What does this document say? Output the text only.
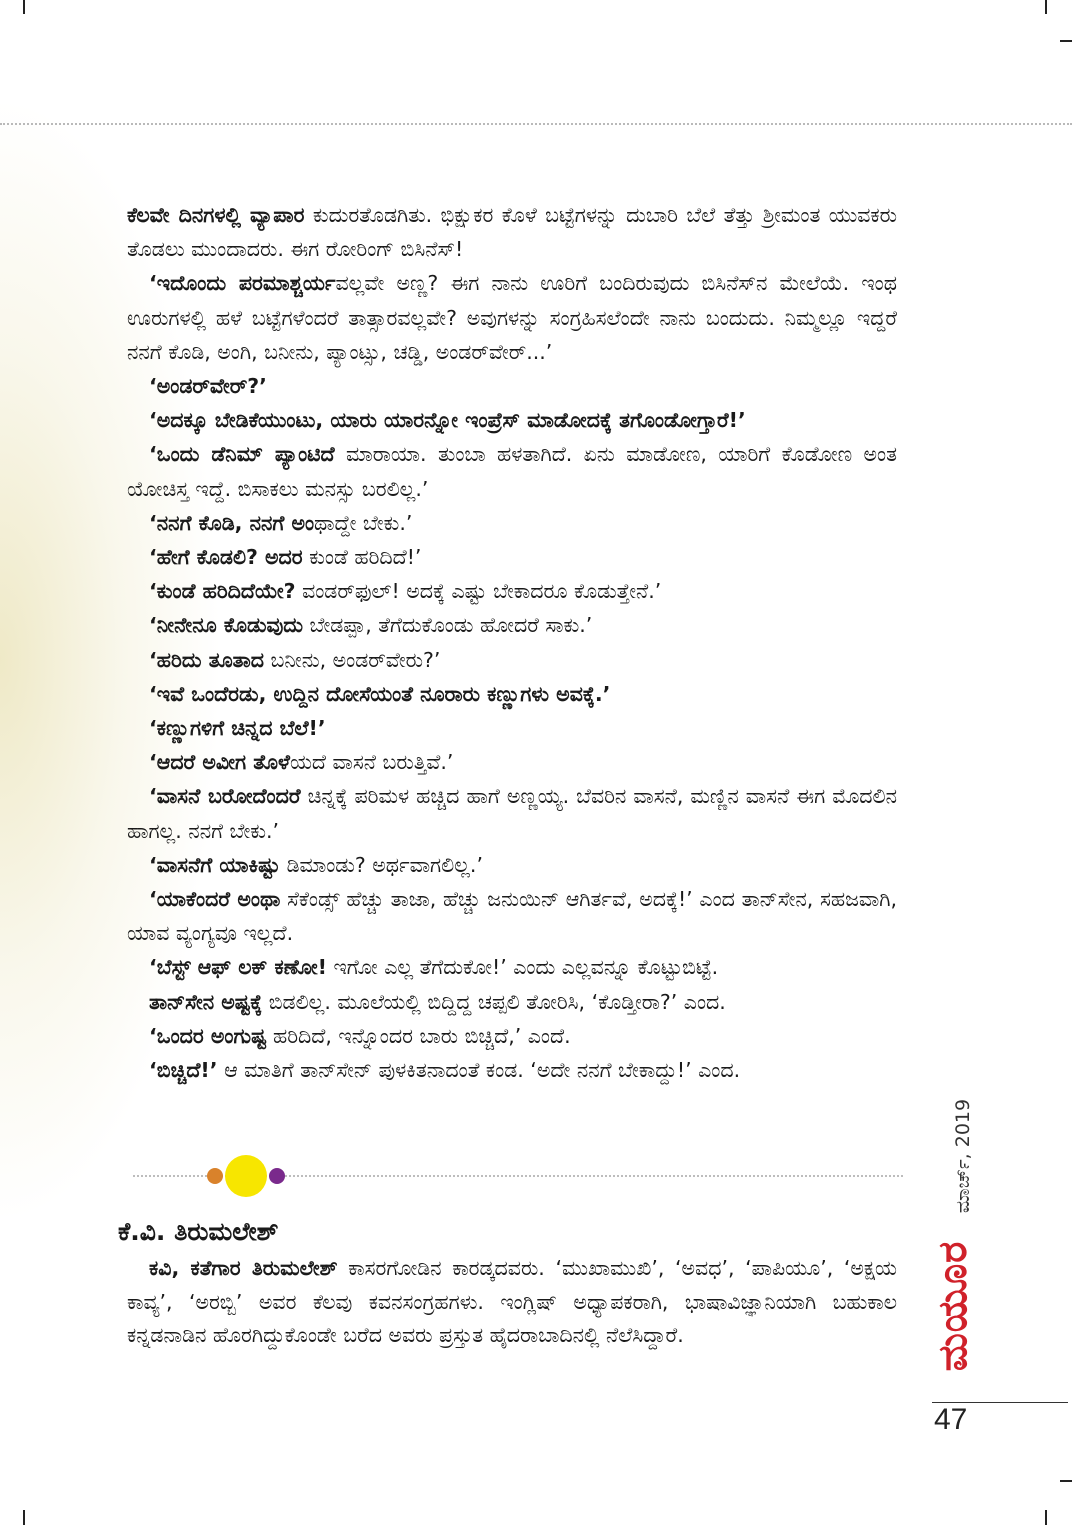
ಕೆಲವೇ ದಿನಗಳಲ್ಲಿ ವ್ಯಾಪಾರ ಕುದುರತೊಡಗಿತು. ಭಿಕ್ಷುಕರ ಕೊಳೆ ಬಟ್ಟೆಗಳನ್ನು ದುಬಾರಿ ಬೆಲೆ ತೆತ್ತು ಶ್ರೀಮಂತ ಯುವಕರು ತೊಡಲು ಮುಂದಾದರು. ಈಗ ರೋರಿಂಗ್ ಬಿಸಿನೆಸ್!

‘ಇದೊಂದು ಪರಮಾಶ್ಚರ್ಯವಲ್ಲವೇ ಅಣ್ಣ? ಈಗ ನಾನು ಊರಿಗೆ ಬಂದಿರುವುದು ಬಿಸಿನೆಸ್‌ನ ಮೇಲೆಯೆ. ಇಂಥ ಊರುಗಳಲ್ಲಿ ಹಳೆ ಬಟ್ಟೆಗಳೆಂದರೆ ತಾತ್ಸಾರವಲ್ಲವೇ? ಅವುಗಳನ್ನು ಸಂಗ್ರಹಿಸಲೆಂದೇ ನಾನು ಬಂದುದು. ನಿಮ್ಮಲ್ಲೂ ಇದ್ದರೆ ನನಗೆ ಕೊಡಿ, ಅಂಗಿ, ಬನೀನು, ಪ್ಯಾಂಟ್ಸು, ಚಡ್ಡಿ, ಅಂಡರ್‌ವೇರ್...’

‘ಅಂಡರ್‌ವೇರ್?’

‘ಅದಕ್ಕೂ ಬೇಡಿಕೆಯುಂಟು, ಯಾರು ಯಾರನ್ನೋ ಇಂಪ್ರೆಸ್ ಮಾಡೋದಕ್ಕೆ ತಗೊಂಡೋಗ್ತಾರೆ!’

‘ಒಂದು ಡೆನಿಮ್ ಪ್ಯಾಂಟಿದೆ ಮಾರಾಯಾ. ತುಂಬಾ ಹಳತಾಗಿದೆ. ಏನು ಮಾಡೋಣ, ಯಾರಿಗೆ ಕೊಡೋಣ ಅಂತ ಯೋಚಿಸ್ತ ಇದ್ದೆ. ಬಿಸಾಕಲು ಮನಸ್ಸು ಬರಲಿಲ್ಲ.’

‘ನನಗೆ ಕೊಡಿ, ನನಗೆ ಅಂಥಾದ್ದೇ ಬೇಕು.’

‘ಹೇಗೆ ಕೊಡಲಿ? ಅದರ ಕುಂಡೆ ಹರಿದಿದೆ!’

‘ಕುಂಡೆ ಹರಿದಿದೆಯೇ? ವಂಡರ್‌ಫುಲ್! ಅದಕ್ಕೆ ಎಷ್ಟು ಬೇಕಾದರೂ ಕೊಡುತ್ತೇನೆ.’

‘ನೀನೇನೂ ಕೊಡುವುದು ಬೇಡಪ್ಪಾ, ತೆಗೆದುಕೊಂಡು ಹೋದರೆ ಸಾಕು.’

‘ಹರಿದು ತೂತಾದ ಬನೀನು, ಅಂಡರ್‌ವೇರು?’

‘ಇವೆ ಒಂದೆರಡು, ಉದ್ದಿನ ದೋಸೆಯಂತೆ ನೂರಾರು ಕಣ್ಣುಗಳು ಅವಕ್ಕೆ.’

‘ಕಣ್ಣುಗಳಿಗೆ ಚಿನ್ನದ ಬೆಲೆ!’

‘ಆದರೆ ಅವೀಗ ತೊಳೆಯದೆ ವಾಸನೆ ಬರುತ್ತಿವೆ.’

‘ವಾಸನೆ ಬರೋದೆಂದರೆ ಚಿನ್ನಕ್ಕೆ ಪರಿಮಳ ಹಚ್ಚಿದ ಹಾಗೆ ಅಣ್ಣಯ್ಯ. ಬೆವರಿನ ವಾಸನೆ, ಮಣ್ಣಿನ ವಾಸನೆ ಈಗ ಮೊದಲಿನ ಹಾಗಲ್ಲ. ನನಗೆ ಬೇಕು.’

‘ವಾಸನೆಗೆ ಯಾಕಿಷ್ಟು ಡಿಮಾಂಡು? ಅರ್ಥವಾಗಲಿಲ್ಲ.’

‘ಯಾಕೆಂದರೆ ಅಂಥಾ ಸೆಕೆಂಡ್ಸ್ ಹೆಚ್ಚು ತಾಜಾ, ಹೆಚ್ಚು ಜನುಯಿನ್ ಆಗಿರ್ತವೆ, ಅದಕ್ಕೆ!’ ಎಂದ ತಾನ್‌ಸೇನ, ಸಹಜವಾಗಿ, ಯಾವ ವ್ಯಂಗ್ಯವೂ ಇಲ್ಲದೆ.

‘ಬೆಸ್ಟ್ ಆಫ್ ಲಕ್ ಕಣೋ! ಇಗೋ ಎಲ್ಲ ತೆಗೆದುಕೋ!’ ಎಂದು ಎಲ್ಲವನ್ನೂ ಕೊಟ್ಟುಬಿಟ್ಟೆ.

ತಾನ್‌ಸೇನ ಅಷ್ಟಕ್ಕೆ ಬಿಡಲಿಲ್ಲ. ಮೂಲೆಯಲ್ಲಿ ಬಿದ್ದಿದ್ದ ಚಪ್ಪಲಿ ತೋರಿಸಿ, ‘ಕೊಡ್ತೀರಾ?’ ಎಂದ.

‘ಒಂದರ ಅಂಗುಷ್ಟ ಹರಿದಿದೆ, ಇನ್ನೊಂದರ ಬಾರು ಬಿಚ್ಚಿದೆ,’ ಎಂದೆ.

‘ಬಿಚ್ಚಿದೆ!’ ಆ ಮಾತಿಗೆ ತಾನ್‌ಸೇನ್ ಪುಳಕಿತನಾದಂತೆ ಕಂಡ. ‘ಅದೇ ನನಗೆ ಬೇಕಾದ್ದು!’ ಎಂದ.

ಕೆ.ವಿ. ತಿರುಮಲೇಶ್

ಕವಿ, ಕತೆಗಾರ ತಿರುಮಲೇಶ್ ಕಾಸರಗೋಡಿನ ಕಾರಡ್ಕದವರು. ‘ಮುಖಾಮುಖಿ’, ‘ಅವಧ’, ‘ಪಾಪಿಯೂ’, ‘ಅಕ್ಷಯ ಕಾವ್ಯ’, ‘ಅರಬ್ಬಿ’ ಅವರ ಕೆಲವು ಕವನಸಂಗ್ರಹಗಳು. ಇಂಗ್ಲಿಷ್ ಅಧ್ಯಾಪಕರಾಗಿ, ಭಾಷಾವಿಜ್ಞಾನಿಯಾಗಿ ಬಹುಕಾಲ ಕನ್ನಡನಾಡಿನ ಹೊರಗಿದ್ದುಕೊಂಡೇ ಬರೆದ ಅವರು ಪ್ರಸ್ತುತ ಹೈದರಾಬಾದಿನಲ್ಲಿ ನೆಲೆಸಿದ್ದಾರೆ.

ಮಾರ್ಚ್, 2019
ಮಯೂರ
47
